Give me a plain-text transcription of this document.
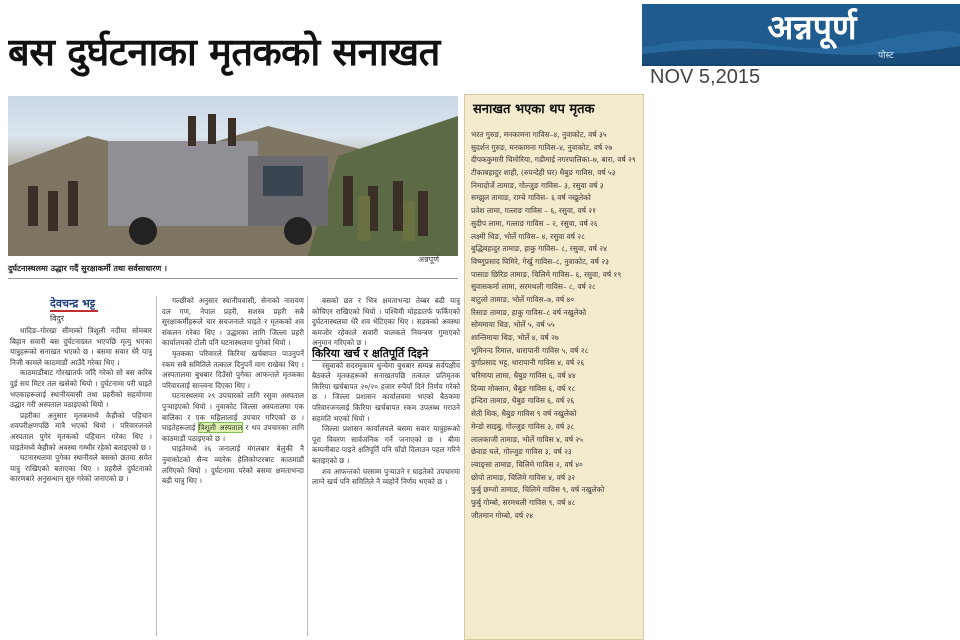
बस दुर्घटनाका मृतकको सनाखत
अन्नपूर्ण
पोस्ट
NOV 5,2015
अन्नपूर्ण
दुर्घटनास्थलमा उद्धार गर्दै सुरक्षाकर्मी तथा सर्वसाधारण ।
देवचन्द्र भट्ट
विदुर

धादिङ–गोरखा सीमाको त्रिशूली नदीमा सोमबार बिहान सवारी बस दुर्घटनाग्रस्त भएपछि मृत्यु भएका यात्रुहरूको सनाखत भएको छ । बसमा सवार धेरै यात्रु निजी कामले काठमाडौं आउँदै गरेका थिए ।

काठमाडौंबाट गोरखातर्फ जाँदै गरेको सो बस करिब दुई सय मिटर तल खसेको थियो । दुर्घटनामा परी घाइते भएकाहरूलाई स्थानीयवासी तथा प्रहरीको सहयोगमा उद्धार गरी अस्पताल पठाइएको थियो ।

प्रहरीका अनुसार मृतकमध्ये केहीको पहिचान शवपरीक्षणपछि मात्रै भएको थियो । परिवारजनले अस्पताल पुगेर मृतकको पहिचान गरेका थिए । घाइतेमध्ये केहीको अवस्था गम्भीर रहेको बताइएको छ ।

घटनास्थलमा पुगेका स्थानीयले बसको छतमा समेत यात्रु राखिएको बताएका थिए । प्रहरीले दुर्घटनाको कारणबारे अनुसन्धान सुरु गरेको जनाएको छ ।

गल्छीको अनुसार स्थानीयवासी, सेनाको नारायण दल गण, नेपाल प्रहरी, सशस्त्र प्रहरी सबै सुरक्षाकर्मीहरूले चार सयजनाले घाइते र मृतकको शव संकलन गरेका थिए । उद्धारका लागि जिल्ला प्रहरी कार्यालयको टोली पनि घटनास्थलमा पुगेको थियो ।

मृतकका परिवारले किरिया खर्चबापत पाउनुपर्ने रकम सबै समितिले तत्काल दिनुपर्ने माग राखेका थिए । अस्पतालमा बुधबार दिउँसो पुगेका आफन्तले मृतकका परिवारलाई सान्त्वना दिएका थिए ।

घटनास्थलमा २९ उपचारको लागि रसुवा अस्पताल पुऱ्याइएको थियो । नुवाकोट जिल्ला अस्पतालमा एक बालिका र एक महिलालाई उपचार गरिएको छ । घाइतेहरूलाई त्रिशूली अस्पताल र थप उपचारका लागि काठमाडौं पठाइएको छ ।

घाइतेमध्ये २६ जनालाई मंगलबार बेलुकी नै नुवाकोटको सैन्य व्यारेक हेलिकोप्टरबाट काठमाडौं लगिएको थियो । दुर्घटनामा परेको बसमा क्षमताभन्दा बढी यात्रु थिए ।

बसको छत र भित्र क्षमताभन्दा तेब्बर बढी यात्रु कोचिएर राखिएको थियो । पश्चिमी मोहडातर्फ फर्किएको दुर्घटनास्थलमा धेरै शव भेटिएका थिए । सडकको अवस्था कमजोर रहेकाले सवारी चालकले नियन्त्रण गुमाएको अनुमान गरिएको छ ।

किरिया खर्च र क्षतिपूर्ति दिइने

रसुवाको सदरमुकाम धुन्चेमा बुधबार सम्पन्न सर्वपक्षीय बैठकले मृतकहरूको सनाखतपछि तत्काल प्रतिमृतक किरिया खर्चबापत २०/२० हजार रुपैयाँ दिने निर्णय गरेको छ । जिल्ला प्रशासन कार्यालयमा भएको बैठकमा परिवारजनलाई किरिया खर्चबापत रकम उपलब्ध गराउने सहमति भएको थियो ।

जिल्ला प्रशासन कार्यालयले बसमा सवार यात्रुहरूको पूरा विवरण सार्वजनिक गर्ने जनाएको छ । बीमा कम्पनीबाट पाइने क्षतिपूर्ति पनि चाँडो दिलाउन पहल गरिने बताइएको छ ।

शव आफन्तको घरसम्म पुऱ्याउने र घाइतेको उपचारमा लाग्ने खर्च पनि समितिले नै व्यहोर्ने निर्णय भएको छ ।

सनाखत भएका थप मृतक
भरत गुरुङ, मनकामना गाविस–४, नुवाकोट, वर्ष ३५
सुदर्शन गुरुङ, मनकामना गाविस–४, नुवाकोट, वर्ष २७
दीपककुमारी चिमोरिया, गढीमाई नगरपालिका–७, बारा, वर्ष २९
टीकाबहादुर शाही, (रुपन्देही घर) धैबुङ गाविस, वर्ष ५३
निमादोर्जे तामाङ, गोल्जुङ गाविस– ३, रसुवा वर्ष ३
सम्झुल तामाङ, राम्चे गाविस– ६ वर्ष नखुलेको
प्रवेश लामा, गत्लाङ गाविस – ६, रसुवा, वर्ष २१
सुदीप लामा, गत्लाङ गाविस – २, रसुवा, वर्ष २६
लक्ष्मी थिङ, भोर्ले गाविस– ४, रसुवा वर्ष २८
बुद्धिबहादुर तामाङ, हाकु गाविस– ८, रसुवा, वर्ष २४
विष्णुप्रसाद घिमिरे, गेर्खु गाविस–८, नुवाकोट, वर्ष २३
पासाङ छिरिङ तामाङ, चिलिमे गाविस– ६, रसुवा, वर्ष १९
सुवासकर्मा लामा, सरमथली गाविस– ८, वर्ष २८
बाटुलो तामाङ, भोर्ले गाविस–७, वर्ष ४०
रिसाङ तामाङ, हाकु गाविस–८ वर्ष नखुलेको
सोममाया थिङ, भोर्ले ५, वर्ष ५५
शान्तिमाया थिङ, भोर्ले ४, वर्ष २७
भूमिनन्द रिमाल, धारापानी गाविस ५, वर्ष २८
दुर्गाप्रसाद भट्ट, धारापानी गाविस ४, वर्ष २६
चरिमाया लामा, धैबुङ गाविस ६, वर्ष ४४
दिव्या मोक्तान, धैबुङ गाविस ६, वर्ष १८
इन्दिरा तामाङ, धैबुङ गाविस ६, वर्ष २६
सेती थिक, धैबुङ गाविस ९ वर्ष नखुलेको
मेन्डो साइबु, गोल्जुङ गाविस ३, वर्ष ३८
लालकाजी तामाङ, भोर्ले गाविस ४, वर्ष २५
छेवाङ घले, गोल्जुङ गाविस ३, वर्ष २३
ल्वाङ्सा तामाङ, चिलिमे गाविस २, वर्ष ४०
छोपो तामाङ, चिलिमे गाविस ४, वर्ष ३२
फुर्बु छम्जो तामाङ, चिलिमे गाविस ९, वर्ष नखुलेको
फुर्बु गोम्बो, सरमथली गाविस ९, वर्ष ४८
जीतमान गोम्बो, वर्ष २४
